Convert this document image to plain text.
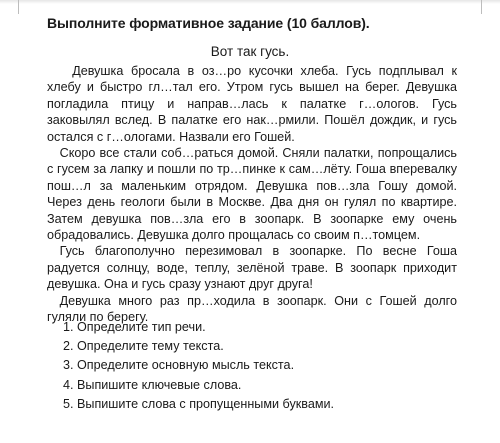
Выполните формативное задание (10 баллов).
Вот так гусь.

  Девушка бросала в оз…ро кусочки хлеба. Гусь подплывал к хлебу и быстро гл…тал его. Утром гусь вышел на берег. Девушка погладила птицу и направ…лась к палатке г…ологов. Гусь заковылял вслед. В палатке его нак…рмили. Пошёл дождик, и гусь остался с г…ологами. Назвали его Гошей.

 Скоро все стали соб…раться домой. Сняли палатки, попрощались с гусем за лапку и пошли по тр…пинке к сам…лёту. Гоша вперевалку пош…л за маленьким отрядом. Девушка пов…зла Гошу домой. Через день геологи были в Москве. Два дня он гулял по квартире. Затем девушка пов…зла его в зоопарк. В зоопарке ему очень обрадовались. Девушка долго прощалась со своим п…томцем.

 Гусь благополучно перезимовал в зоопарке. По весне Гоша радуется солнцу, воде, теплу, зелёной траве. В зоопарк приходит девушка. Она и гусь сразу узнают друг друга!

 Девушка много раз пр…ходила в зоопарк. Они с Гошей долго гуляли по берегу.

1. Определите тип речи.
2. Определите тему текста.
3. Определите основную мысль текста.
4. Выпишите ключевые слова.
5. Выпишите слова с пропущенными буквами.
